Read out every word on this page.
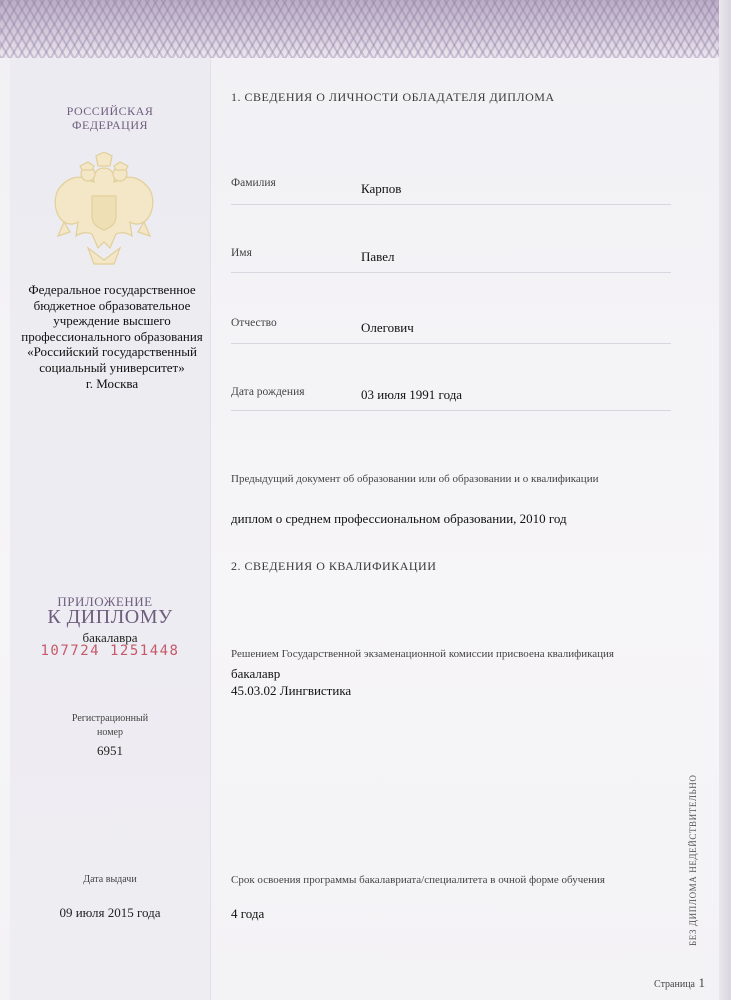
РОССИЙСКАЯ
ФЕДЕРАЦИЯ
Федеральное государственное
бюджетное образовательное
учреждение высшего
профессионального образования
«Российский государственный
социальный университет»
г. Москва
ПРИЛОЖЕНИЕ
К ДИПЛОМУ
бакалавра
107724 1251448
Регистрационный
номер
6951
Дата выдачи
09 июля 2015 года
1. СВЕДЕНИЯ О ЛИЧНОСТИ ОБЛАДАТЕЛЯ ДИПЛОМА
Фамилия	Карпов
Имя	Павел
Отчество	Олегович
Дата рождения	03 июля 1991 года
Предыдущий документ об образовании или об образовании и о квалификации
диплом о среднем профессиональном образовании, 2010 год
2. СВЕДЕНИЯ О КВАЛИФИКАЦИИ
Решением Государственной экзаменационной комиссии присвоена квалификация
бакалавр
45.03.02 Лингвистика
Срок освоения программы бакалавриата/специалитета в очной форме обучения
4 года	БЕЗ ДИПЛОМА НЕДЕЙСТВИТЕЛЬНО
Страница 1
